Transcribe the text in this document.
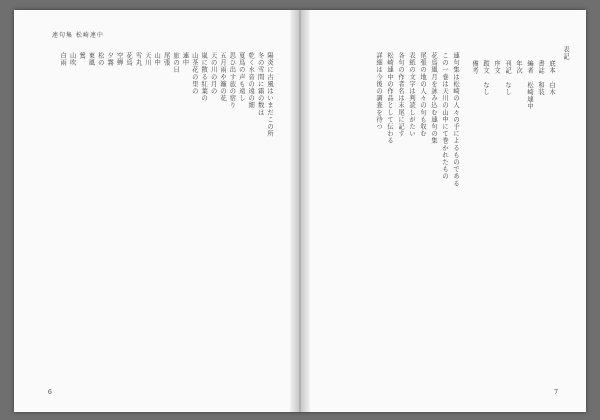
連句集 松崎連中
陽炎に古風はいまだこの所
冬の雪間に霜の数は
乾く水音の遠の細
夏鳥の声も遠し
思ひ出す旅の宿り
五月雨や籬の花
天の川の月の
嵐に散る紅葉の
山茶花の里の
連中
旅の日
尾張
山中
天川
雪丸
花鳥
空蝉
夕霧
松の
東風
鶯
山吹
白雨
6
表記
底本　白木
書誌　和装
編者　松崎連中
年次　
刊記　なし
序文　
跋文　なし
備考　
連句集は松崎の人々の手によるものである
この一巻は天川の山中にて巻かれたもの
花鳥風月を詠み込む連句の集
尾張の地の人々の句も収む
表紙の文字は判読しがたい
各句の作者名は末尾に記す
松崎連中の作品として伝わる
詳細は今後の調査を待つ
7
